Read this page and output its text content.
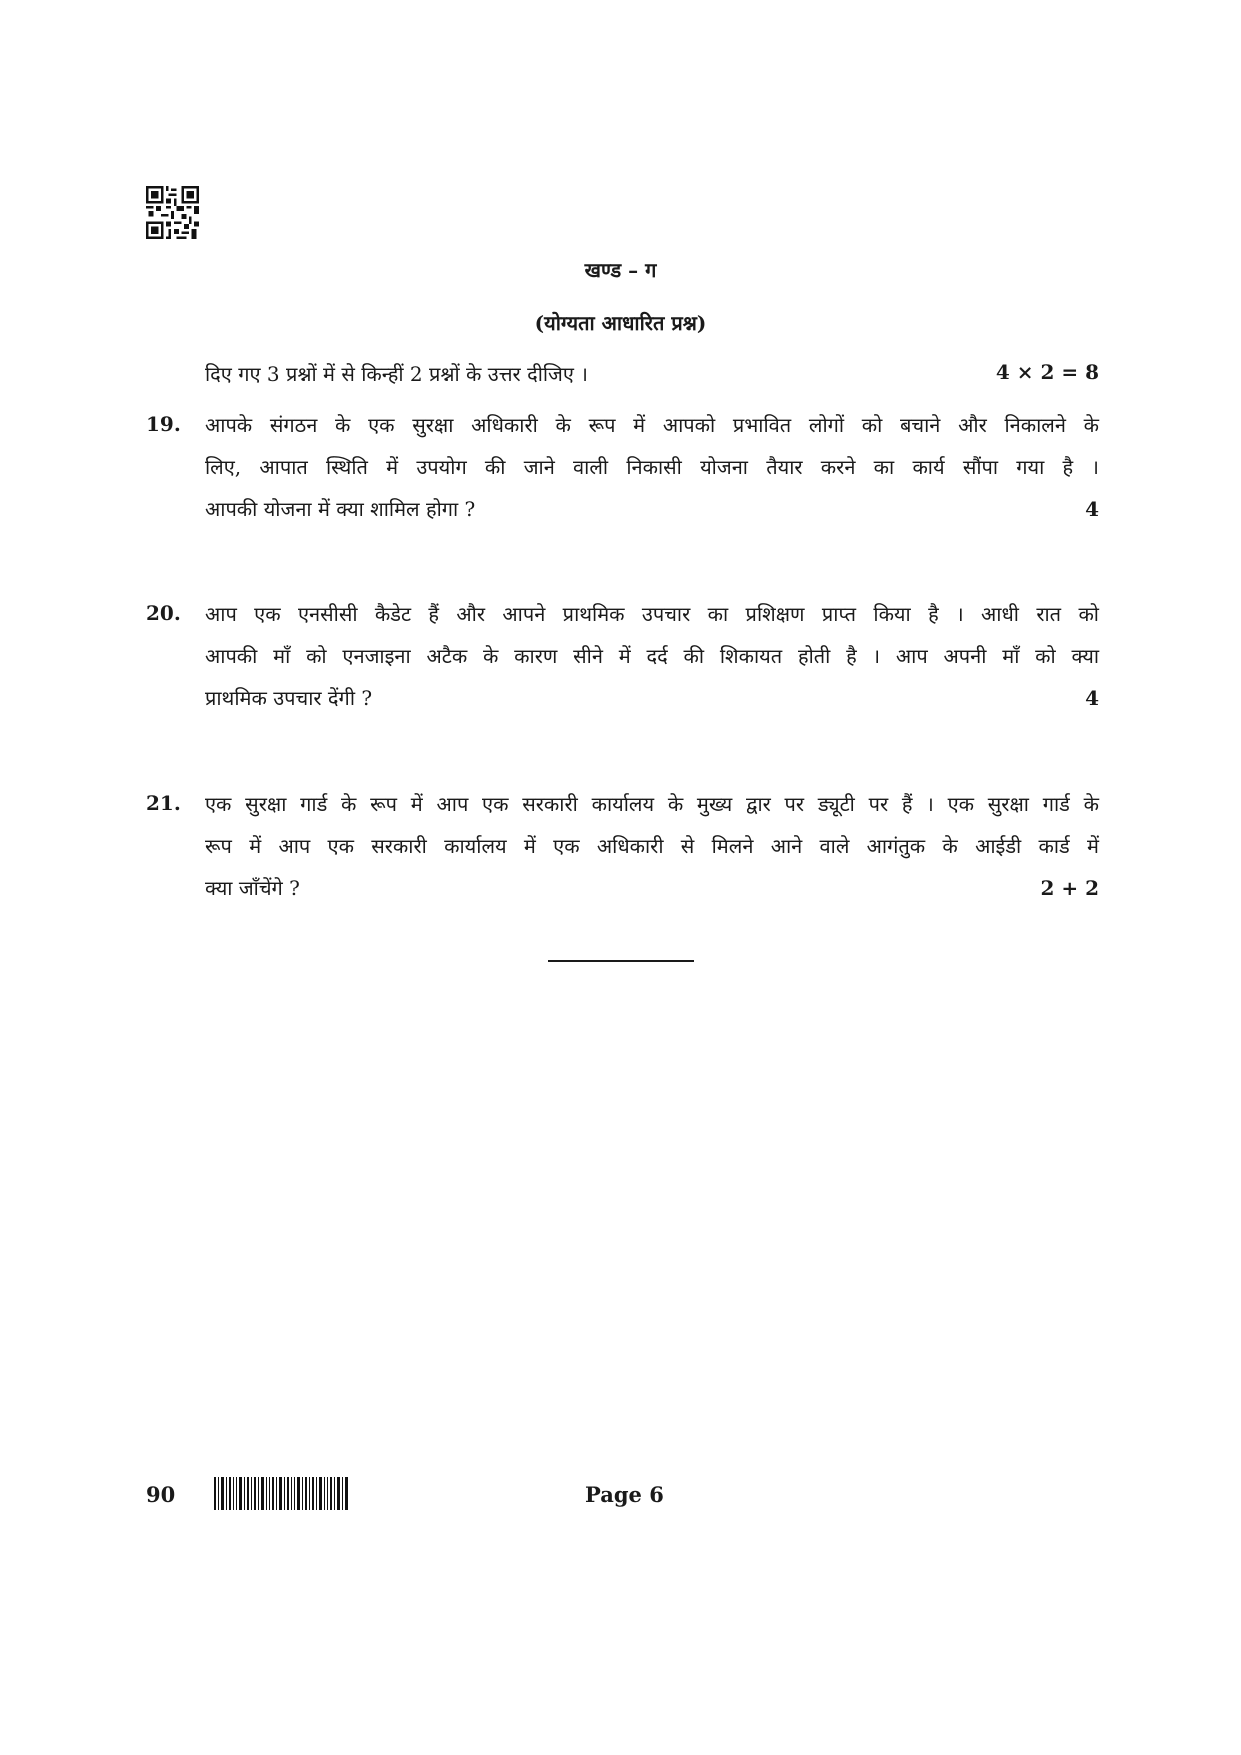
खण्ड – ग
(योग्यता आधारित प्रश्न)
दिए गए 3 प्रश्नों में से किन्हीं 2 प्रश्नों के उत्तर दीजिए ।	4 × 2 = 8
19. आपके संगठन के एक सुरक्षा अधिकारी के रूप में आपको प्रभावित लोगों को बचाने और निकालने के
लिए, आपात स्थिति में उपयोग की जाने वाली निकासी योजना तैयार करने का कार्य सौंपा गया है ।
आपकी योजना में क्या शामिल होगा ?	4
20. आप एक एनसीसी कैडेट हैं और आपने प्राथमिक उपचार का प्रशिक्षण प्राप्त किया है । आधी रात को
आपकी माँ को एनजाइना अटैक के कारण सीने में दर्द की शिकायत होती है । आप अपनी माँ को क्या
प्राथमिक उपचार देंगी ?	4
21. एक सुरक्षा गार्ड के रूप में आप एक सरकारी कार्यालय के मुख्य द्वार पर ड्यूटी पर हैं । एक सुरक्षा गार्ड के
रूप में आप एक सरकारी कार्यालय में एक अधिकारी से मिलने आने वाले आगंतुक के आईडी कार्ड में
क्या जाँचेंगे ?	2 + 2
90	Page 6
